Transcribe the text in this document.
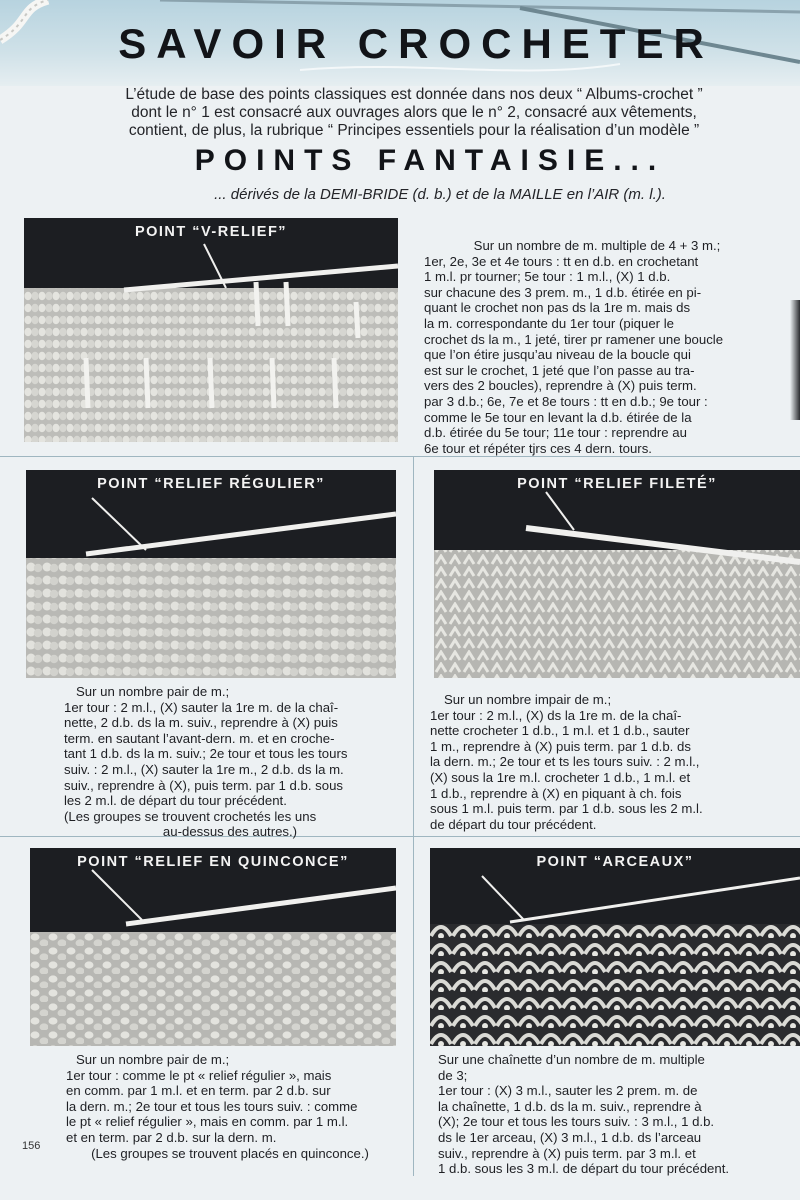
SAVOIR CROCHETER
L’étude de base des points classiques est donnée dans nos deux “ Albums-crochet ”
dont le n° 1 est consacré aux ouvrages alors que le n° 2, consacré aux vêtements,
contient, de plus, la rubrique “ Principes essentiels pour la réalisation d’un modèle ”
POINTS FANTAISIE...
... dérivés de la DEMI-BRIDE (d. b.) et de la MAILLE en l’AIR (m. l.).
POINT “V-RELIEF”

Sur un nombre de m. multiple de 4 + 3 m.;

1er, 2e, 3e et 4e tours : tt en d.b. en crochetant

1 m.l. pr tourner; 5e tour : 1 m.l., (X) 1 d.b.

sur chacune des 3 prem. m., 1 d.b. étirée en pi-

quant le crochet non pas ds la 1re m. mais ds

la m. correspondante du 1er tour (piquer le

crochet ds la m., 1 jeté, tirer pr ramener une boucle

que l’on étire jusqu’au niveau de la boucle qui

est sur le crochet, 1 jeté que l’on passe au tra-

vers des 2 boucles), reprendre à (X) puis term.

par 3 d.b.; 6e, 7e et 8e tours : tt en d.b.; 9e tour :

comme le 5e tour en levant la d.b. étirée de la

d.b. étirée du 5e tour; 11e tour : reprendre au

6e tour et répéter tjrs ces 4 dern. tours.

POINT “RELIEF RÉGULIER”	POINT “RELIEF FILETÉ”

Sur un nombre pair de m.;

1er tour : 2 m.l., (X) sauter la 1re m. de la chaî-

nette, 2 d.b. ds la m. suiv., reprendre à (X) puis

term. en sautant l’avant-dern. m. et en croche-

tant 1 d.b. ds la m. suiv.; 2e tour et tous les tours

suiv. : 2 m.l., (X) sauter la 1re m., 2 d.b. ds la m.

suiv., reprendre à (X), puis term. par 1 d.b. sous

les 2 m.l. de départ du tour précédent.

(Les groupes se trouvent crochetés les uns

au-dessus des autres.)

Sur un nombre impair de m.;

1er tour : 2 m.l., (X) ds la 1re m. de la chaî-

nette crocheter 1 d.b., 1 m.l. et 1 d.b., sauter

1 m., reprendre à (X) puis term. par 1 d.b. ds

la dern. m.; 2e tour et ts les tours suiv. : 2 m.l.,

(X) sous la 1re m.l. crocheter 1 d.b., 1 m.l. et

1 d.b., reprendre à (X) en piquant à ch. fois

sous 1 m.l. puis term. par 1 d.b. sous les 2 m.l.

de départ du tour précédent.

POINT “RELIEF EN QUINCONCE”	POINT “ARCEAUX”

Sur un nombre pair de m.;

1er tour : comme le pt « relief régulier », mais

en comm. par 1 m.l. et en term. par 2 d.b. sur

la dern. m.; 2e tour et tous les tours suiv. : comme

le pt « relief régulier », mais en comm. par 1 m.l.

et en term. par 2 d.b. sur la dern. m.

(Les groupes se trouvent placés en quinconce.)

Sur une chaînette d’un nombre de m. multiple

de 3;

1er tour : (X) 3 m.l., sauter les 2 prem. m. de

la chaînette, 1 d.b. ds la m. suiv., reprendre à

(X); 2e tour et tous les tours suiv. : 3 m.l., 1 d.b.

ds le 1er arceau, (X) 3 m.l., 1 d.b. ds l’arceau

suiv., reprendre à (X) puis term. par 3 m.l. et

1 d.b. sous les 3 m.l. de départ du tour précédent.

156
